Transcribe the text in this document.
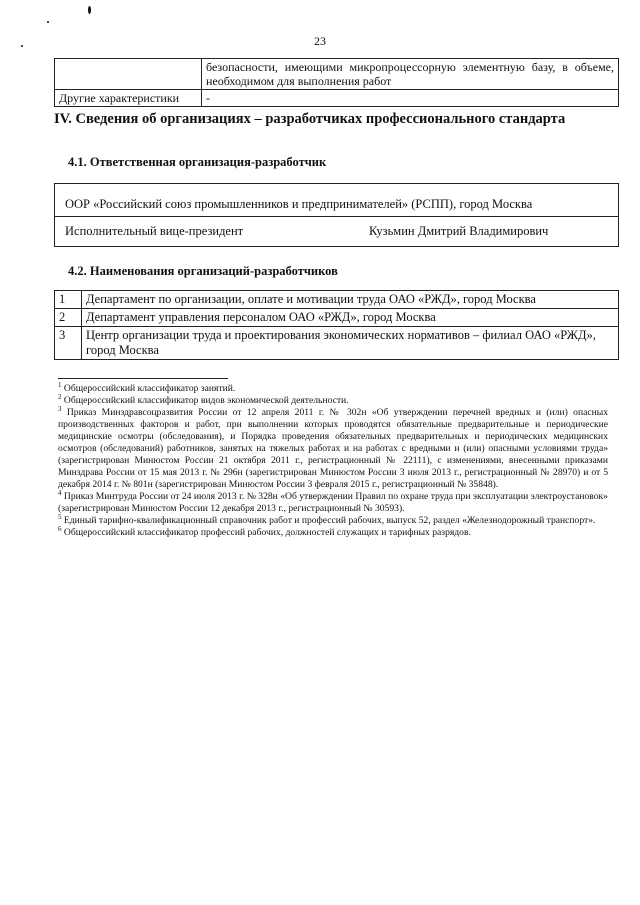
23
	безопасности, имеющими микропроцессорную элементную базу, в объеме, необходимом для выполнения работ
Другие характеристики	-
IV. Сведения об организациях – разработчиках профессионального стандарта
4.1. Ответственная организация-разработчик
ООР «Российский союз промышленников и предпринимателей» (РСПП), город Москва
Исполнительный вице-президент	Кузьмин Дмитрий Владимирович
4.2. Наименования организаций-разработчиков
1	Департамент по организации, оплате и мотивации труда ОАО «РЖД», город Москва
2	Департамент управления персоналом ОАО «РЖД», город Москва
3	Центр организации труда и проектирования экономических нормативов – филиал ОАО «РЖД», город Москва

$^1$ Общероссийский классификатор занятий.

$^2$ Общероссийский классификатор видов экономической деятельности.

$^3$ Приказ Минздравсоцразвития России от 12 апреля 2011 г. № 302н «Об утверждении перечней вредных и (или) опасных производственных факторов и работ, при выполнении которых проводятся обязательные предварительные и периодические медицинские осмотры (обследования), и Порядка проведения обязательных предварительных и периодических медицинских осмотров (обследований) работников, занятых на тяжелых работах и на работах с вредными и (или) опасными условиями труда» (зарегистрирован Минюстом России 21 октября 2011 г., регистрационный № 22111), с изменениями, внесенными приказами Минздрава России от 15 мая 2013 г. № 296н (зарегистрирован Минюстом России 3 июля 2013 г., регистрационный № 28970) и от 5 декабря 2014 г. № 801н (зарегистрирован Минюстом России 3 февраля 2015 г., регистрационный № 35848).

$^4$ Приказ Минтруда России от 24 июля 2013 г. № 328н «Об утверждении Правил по охране труда при эксплуатации электроустановок» (зарегистрирован Минюстом России 12 декабря 2013 г., регистрационный № 30593).

$^5$ Единый тарифно-квалификационный справочник работ и профессий рабочих, выпуск 52, раздел «Железнодорожный транспорт».

$^6$ Общероссийский классификатор профессий рабочих, должностей служащих и тарифных разрядов.
